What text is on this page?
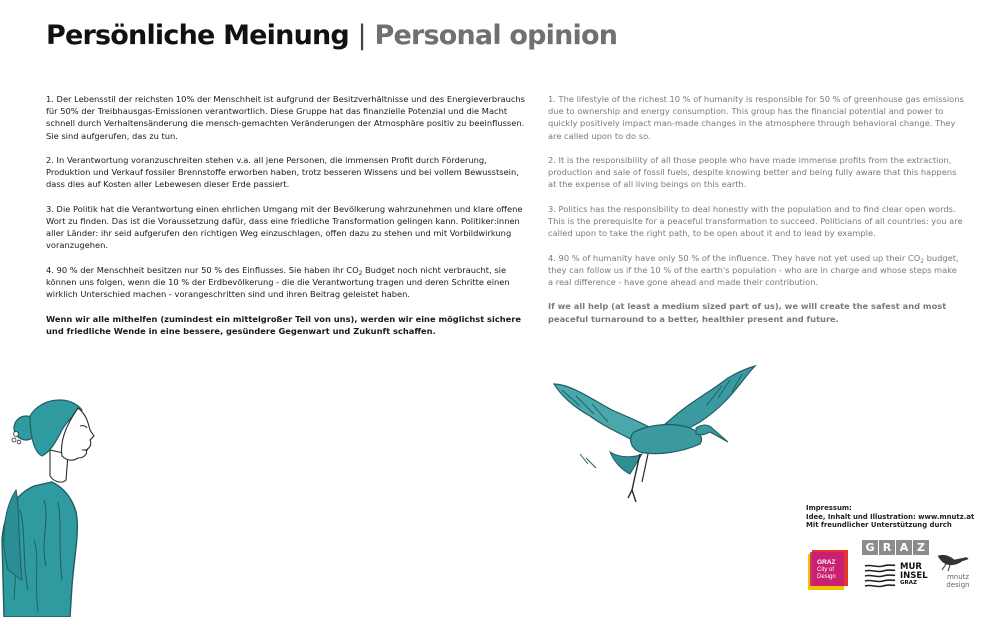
Persönliche Meinung | Personal opinion

1. Der Lebensstil der reichsten 10% der Menschheit ist aufgrund der Besitzverhältnisse und des Energieverbrauchs für 50% der Treibhausgas-Emissionen verantwortlich. Diese Gruppe hat das finanzielle Potenzial und die Macht schnell durch Verhaltensänderung die mensch-gemachten Veränderungen der Atmosphäre positiv zu beeinflussen. Sie sind aufgerufen, das zu tun.

2. In Verantwortung voranzuschreiten stehen v.a. all jene Personen, die immensen Profit durch Förderung, Produktion und Verkauf fossiler Brennstoffe erworben haben, trotz besseren Wissens und bei vollem Bewusstsein, dass dies auf Kosten aller Lebewesen dieser Erde passiert.

3. Die Politik hat die Verantwortung einen ehrlichen Umgang mit der Bevölkerung wahrzunehmen und klare offene Wort zu finden. Das ist die Voraussetzung dafür, dass eine friedliche Transformation gelingen kann. Politiker:innen aller Länder: ihr seid aufgerufen den richtigen Weg einzuschlagen, offen dazu zu stehen und mit Vorbildwirkung voranzugehen.

4. 90 % der Menschheit besitzen nur 50 % des Einflusses. Sie haben ihr $CO_2$ Budget noch nicht verbraucht, sie können uns folgen, wenn die 10 % der Erdbevölkerung - die die Verantwortung tragen und deren Schritte einen wirklich Unterschied machen - vorangeschritten sind und ihren Beitrag geleistet haben.

Wenn wir alle mithelfen (zumindest ein mittelgroßer Teil von uns), werden wir eine möglichst sichere und friedliche Wende in eine bessere, gesündere Gegenwart und Zukunft schaffen.

1. The lifestyle of the richest 10 % of humanity is responsible for 50 % of greenhouse gas emissions due to ownership and energy consumption. This group has the financial potential and power to quickly positively impact man-made changes in the atmosphere through behavioral change. They are called upon to do so.

2. It is the responsibility of all those people who have made immense profits from the extraction, production and sale of fossil fuels, despite knowing better and being fully aware that this happens at the expense of all living beings on this earth.

3. Politics has the responsibility to deal honestly with the population and to find clear open words. This is the prerequisite for a peaceful transformation to succeed. Politicians of all countries: you are called upon to take the right path, to be open about it and to lead by example.

4. 90 % of humanity have only 50 % of the influence. They have not yet used up their $CO_2$ budget, they can follow us if the 10 % of the earth's population - who are in charge and whose steps make a real difference - have gone ahead and made their contribution.

If we all help (at least a medium sized part of us), we will create the safest and most peaceful turnaround to a better, healthier present and future.

Impressum:
Idee, Inhalt und Illustration: www.mnutz.at
Mit freundlicher Unterstützung durch
GRAZ
City of
Design
G R A Z
MUR
INSEL
GRAZ
mnutz
design
